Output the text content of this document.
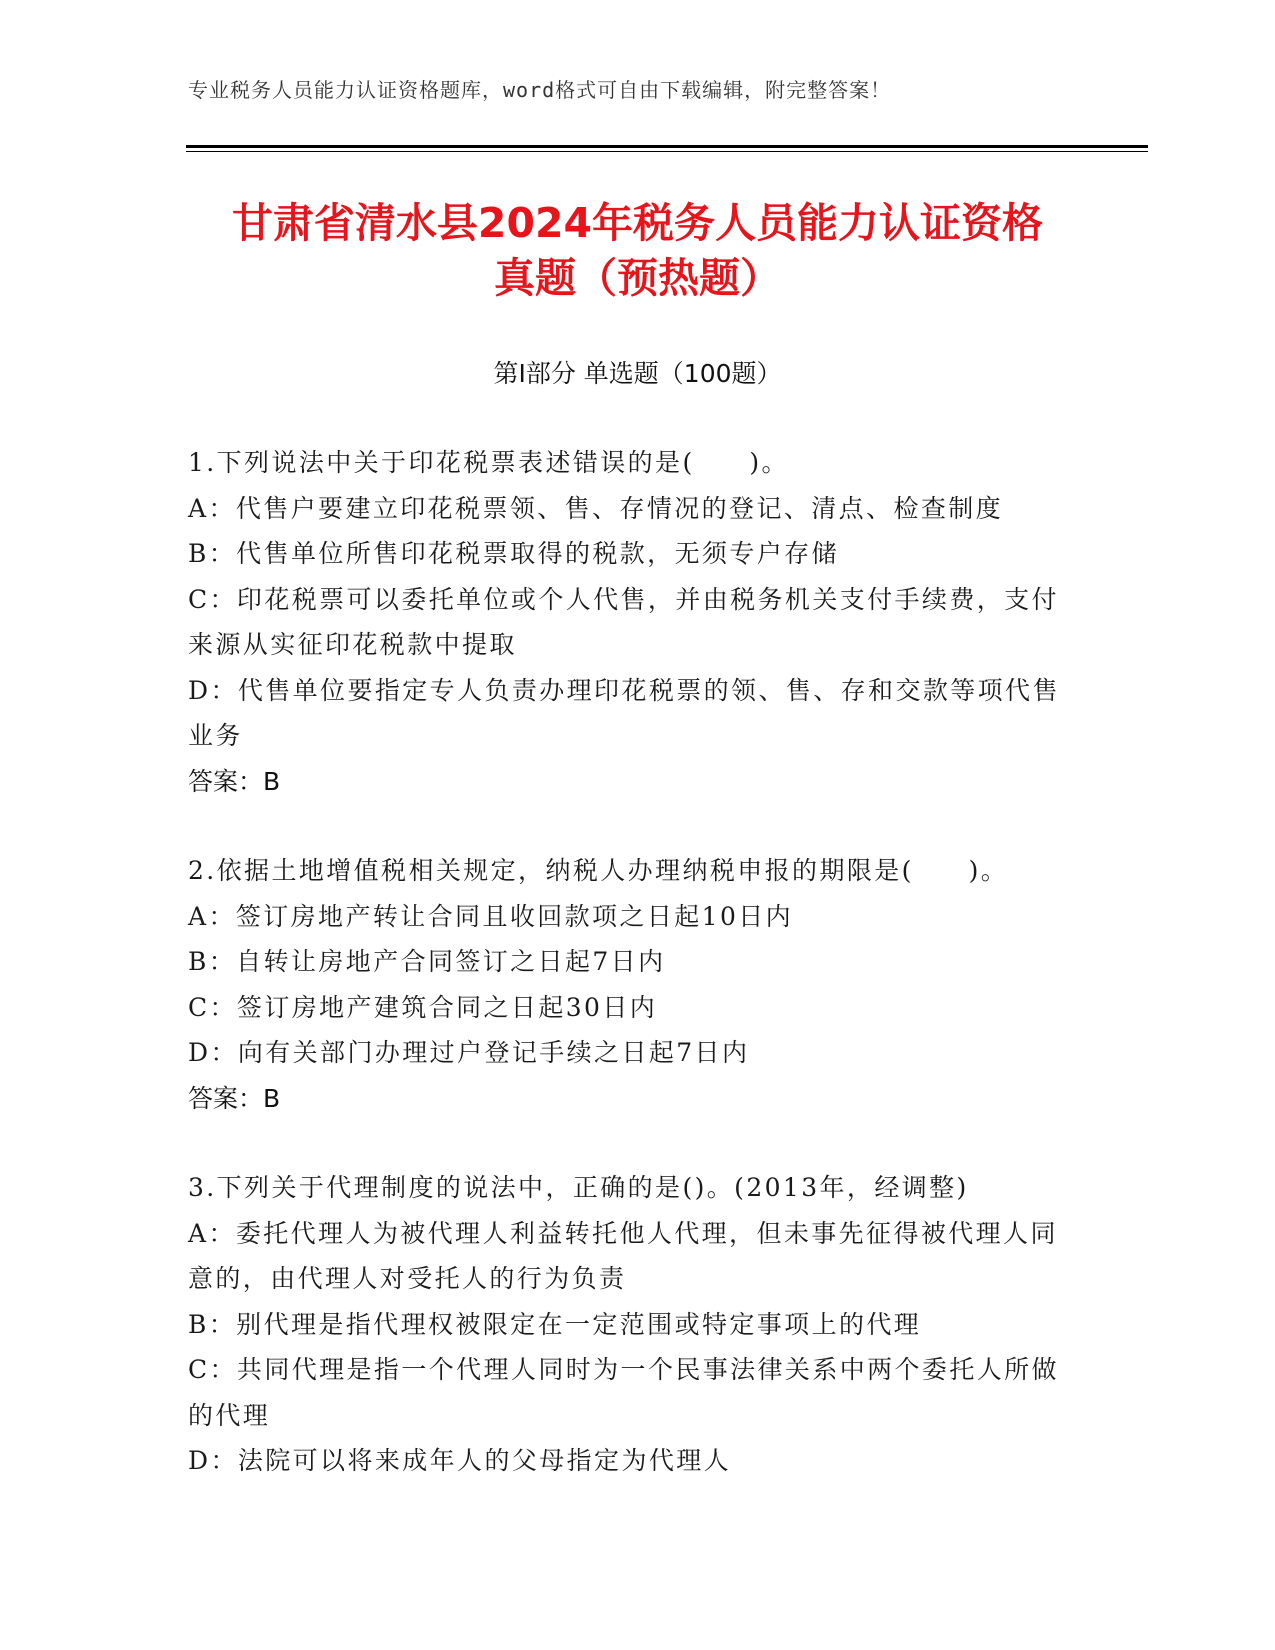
专业税务人员能力认证资格题库，word格式可自由下载编辑，附完整答案！
甘肃省清水县2024年税务人员能力认证资格
真题（预热题）
第Ⅰ部分 单选题（100题）
1.下列说法中关于印花税票表述错误的是(　　)。
A：代售户要建立印花税票领、售、存情况的登记、清点、检查制度
B：代售单位所售印花税票取得的税款，无须专户存储
C：印花税票可以委托单位或个人代售，并由税务机关支付手续费，支付来源从实征印花税款中提取
D：代售单位要指定专人负责办理印花税票的领、售、存和交款等项代售业务
答案：B
2.依据土地增值税相关规定，纳税人办理纳税申报的期限是(　　)。
A：签订房地产转让合同且收回款项之日起10日内
B：自转让房地产合同签订之日起7日内
C：签订房地产建筑合同之日起30日内
D：向有关部门办理过户登记手续之日起7日内
答案：B
3.下列关于代理制度的说法中，正确的是()。(2013年，经调整)
A：委托代理人为被代理人利益转托他人代理，但未事先征得被代理人同意的，由代理人对受托人的行为负责
B：别代理是指代理权被限定在一定范围或特定事项上的代理
C：共同代理是指一个代理人同时为一个民事法律关系中两个委托人所做的代理
D：法院可以将来成年人的父母指定为代理人
